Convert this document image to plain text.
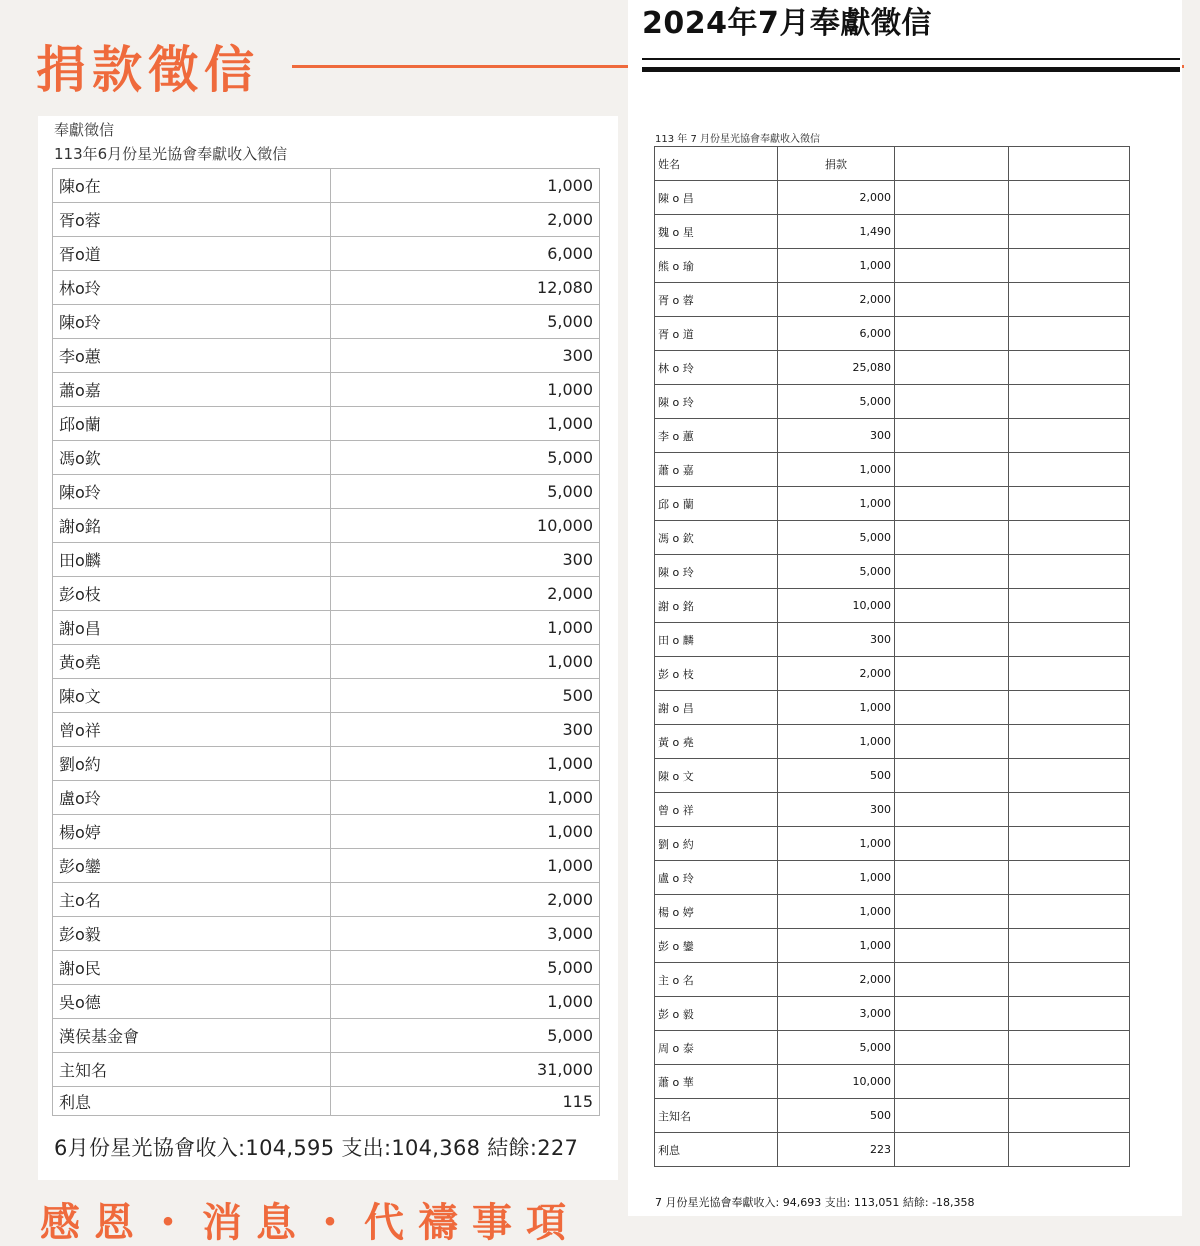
捐款徵信
奉獻徵信
113年6月份星光協會奉獻收入徵信
陳o在	1,000
胥o蓉	2,000
胥o道	6,000
林o玲	12,080
陳o玲	5,000
李o蕙	300
蕭o嘉	1,000
邱o蘭	1,000
馮o欽	5,000
陳o玲	5,000
謝o銘	10,000
田o麟	300
彭o枝	2,000
謝o昌	1,000
黃o堯	1,000
陳o文	500
曾o祥	300
劉o約	1,000
盧o玲	1,000
楊o婷	1,000
彭o鑾	1,000
主o名	2,000
彭o毅	3,000
謝o民	5,000
吳o德	1,000
漢侯基金會	5,000
主知名	31,000
利息	115
6月份星光協會收入:104,595 支出:104,368 結餘:227
2024年7月奉獻徵信
113 年 7 月份星光協會奉獻收入徵信
姓名	捐款		
陳 o 昌	2,000		
魏 o 星	1,490		
熊 o 瑜	1,000		
胥 o 蓉	2,000		
胥 o 道	6,000		
林 o 玲	25,080		
陳 o 玲	5,000		
李 o 蕙	300		
蕭 o 嘉	1,000		
邱 o 蘭	1,000		
馮 o 欽	5,000		
陳 o 玲	5,000		
謝 o 銘	10,000		
田 o 麟	300		
彭 o 枝	2,000		
謝 o 昌	1,000		
黃 o 堯	1,000		
陳 o 文	500		
曾 o 祥	300		
劉 o 約	1,000		
盧 o 玲	1,000		
楊 o 婷	1,000		
彭 o 鑾	1,000		
主 o 名	2,000		
彭 o 毅	3,000		
周 o 泰	5,000		
蕭 o 華	10,000		
主知名	500		
利息	223		
7 月份星光協會奉獻收入: 94,693 支出: 113,051 結餘: -18,358
感恩・消息・代禱事項
